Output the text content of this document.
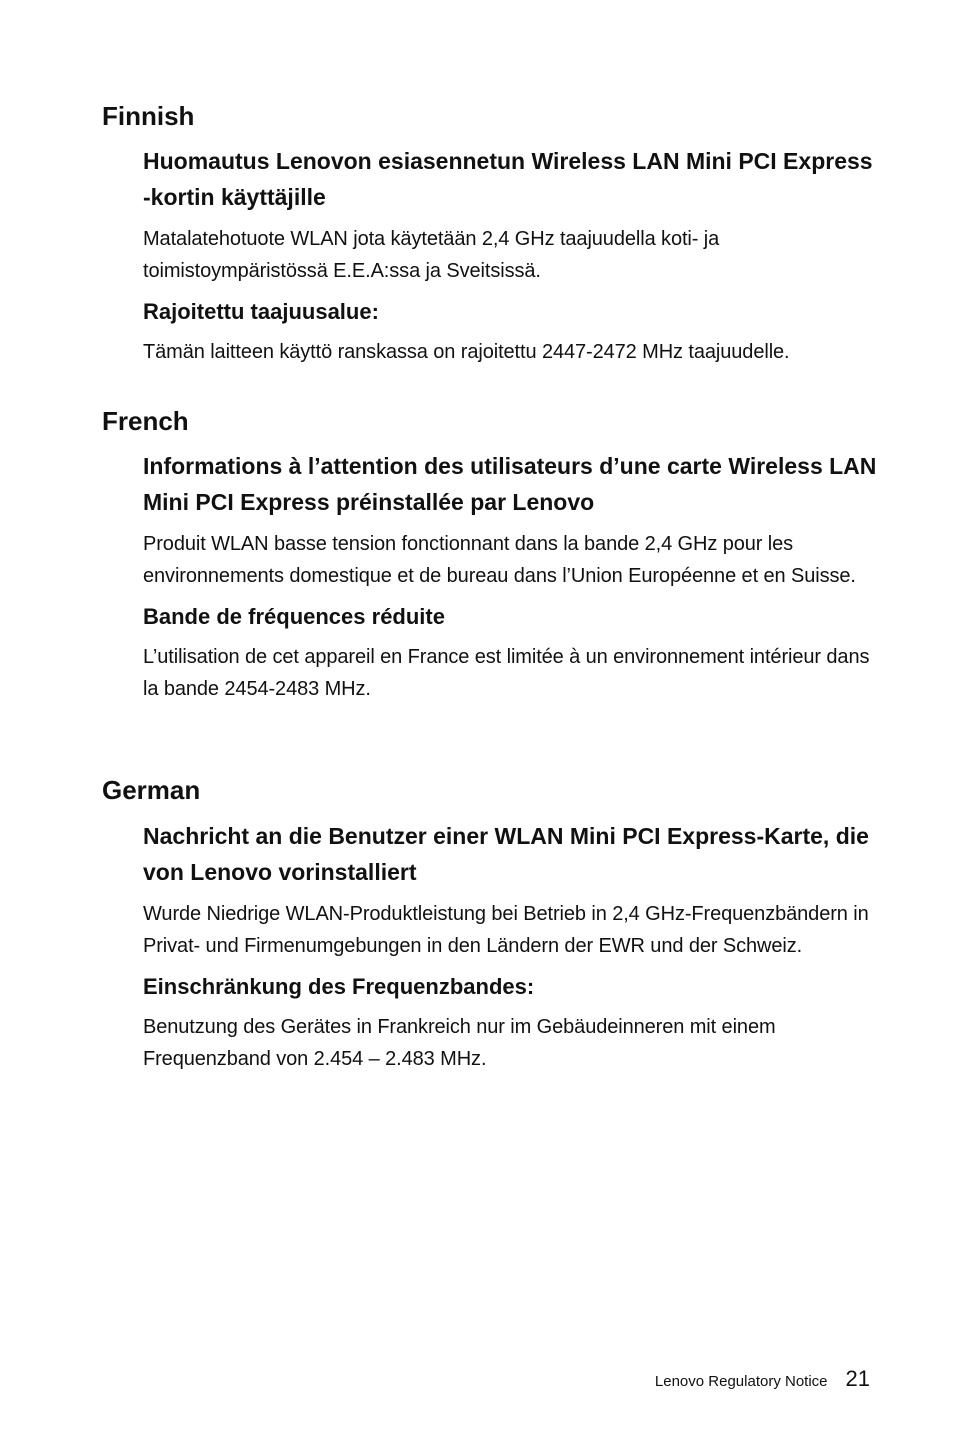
Finnish

Huomautus Lenovon esiasennetun Wireless LAN Mini PCI Express -kortin käyttäjille

Matalatehotuote WLAN jota käytetään 2,4 GHz taajuudella koti- ja toimistoympäristössä E.E.A:ssa ja Sveitsissä.

Rajoitettu taajuusalue:

Tämän laitteen käyttö ranskassa on rajoitettu 2447-2472 MHz taajuudelle.

French

Informations à l’attention des utilisateurs d’une carte Wireless LAN Mini PCI Express préinstallée par Lenovo

Produit WLAN basse tension fonctionnant dans la bande 2,4 GHz pour les environnements domestique et de bureau dans l’Union Européenne et en Suisse.

Bande de fréquences réduite

L’utilisation de cet appareil en France est limitée à un environnement intérieur dans la bande 2454-2483 MHz.

German

Nachricht an die Benutzer einer WLAN Mini PCI Express-Karte, die von Lenovo vorinstalliert

Wurde Niedrige WLAN-Produktleistung bei Betrieb in 2,4 GHz-Frequenzbändern in Privat- und Firmenumgebungen in den Ländern der EWR und der Schweiz.

Einschränkung des Frequenzbandes:

Benutzung des Gerätes in Frankreich nur im Gebäudeinneren mit einem Frequenzband von 2.454 – 2.483 MHz.

Lenovo Regulatory Notice 21
